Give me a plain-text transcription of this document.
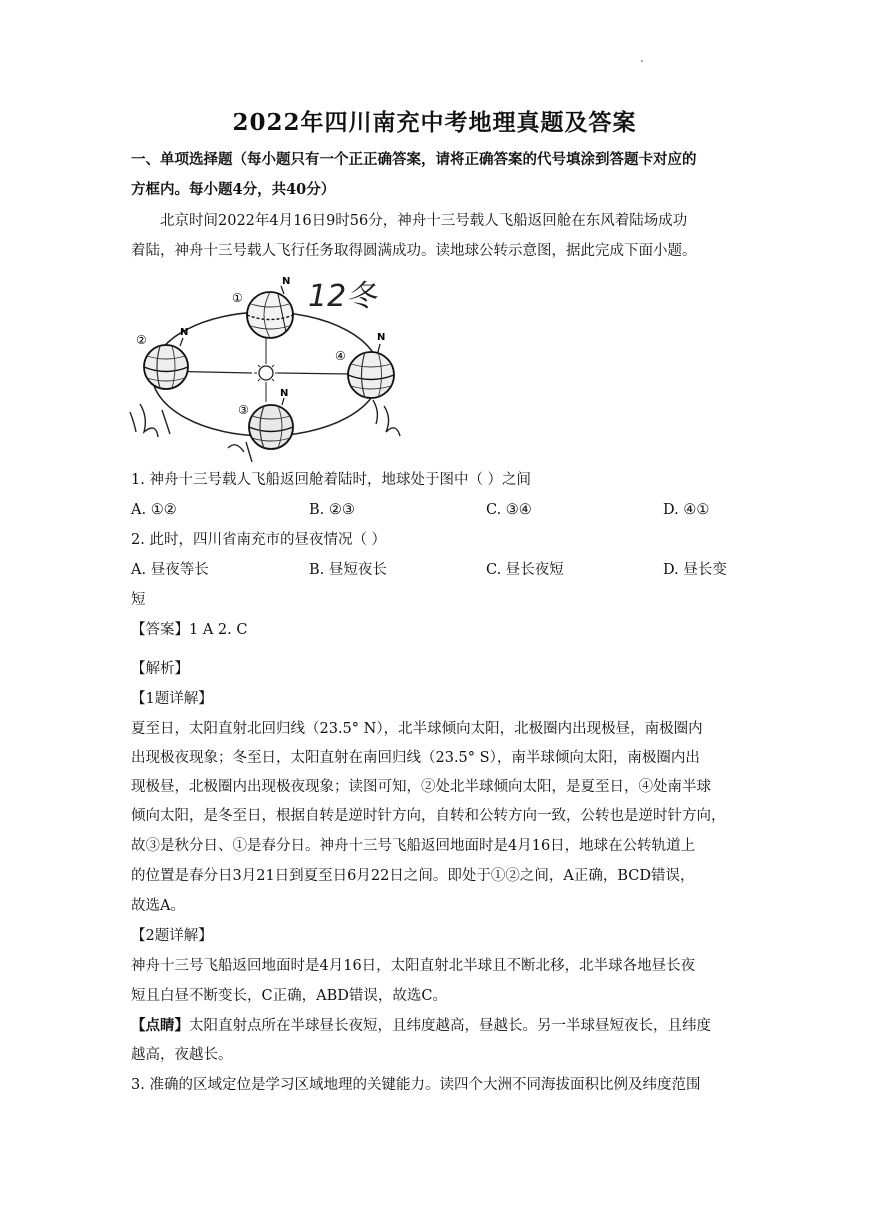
2022年四川南充中考地理真题及答案
一、单项选择题（每小题只有一个正正确答案，请将正确答案的代号填涂到答题卡对应的
方框内。每小题4分，共40分）
北京时间2022年4月16日9时56分，神舟十三号载人飞船返回舱在东风着陆场成功
着陆，神舟十三号载人飞行任务取得圆满成功。读地球公转示意图，据此完成下面小题。
①
②
③
④
N
N	N
N
12冬
1. 神舟十三号载人飞船返回舱着陆时，地球处于图中（ ）之间
A. ①②	B. ②③	C. ③④	D. ④①
2. 此时，四川省南充市的昼夜情况（ ）
A. 昼夜等长	B. 昼短夜长	C. 昼长夜短	D. 昼长变
短
【答案】1 A 2. C
【解析】
【1题详解】
夏至日，太阳直射北回归线（23.5° N），北半球倾向太阳，北极圈内出现极昼，南极圈内
出现极夜现象；冬至日，太阳直射在南回归线（23.5° S），南半球倾向太阳，南极圈内出
现极昼，北极圈内出现极夜现象；读图可知，②处北半球倾向太阳，是夏至日，④处南半球
倾向太阳，是冬至日，根据自转是逆时针方向，自转和公转方向一致，公转也是逆时针方向，
故③是秋分日、①是春分日。神舟十三号飞船返回地面时是4月16日，地球在公转轨道上
的位置是春分日3月21日到夏至日6月22日之间。即处于①②之间，A正确，BCD错误，
故选A。
【2题详解】
神舟十三号飞船返回地面时是4月16日，太阳直射北半球且不断北移，北半球各地昼长夜
短且白昼不断变长，C正确，ABD错误，故选C。
【点睛】太阳直射点所在半球昼长夜短，且纬度越高，昼越长。另一半球昼短夜长，且纬度
越高，夜越长。
3. 准确的区域定位是学习区域地理的关键能力。读四个大洲不同海拔面积比例及纬度范围
